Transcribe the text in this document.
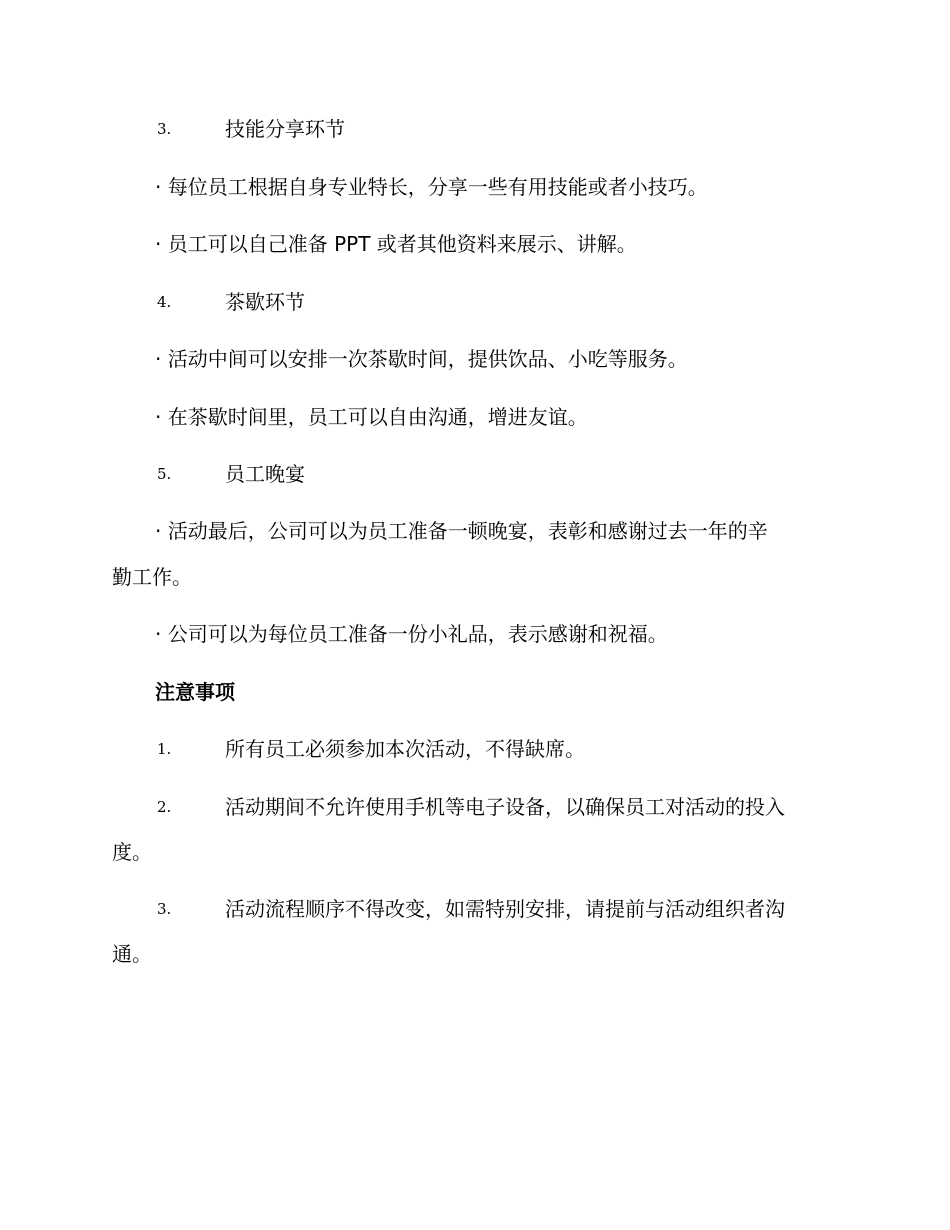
3.	技能分享环节
· 每位员工根据自身专业特长，分享一些有用技能或者小技巧。
· 员工可以自己准备 PPT 或者其他资料来展示、讲解。
4.	茶歇环节
· 活动中间可以安排一次茶歇时间，提供饮品、小吃等服务。
· 在茶歇时间里，员工可以自由沟通，增进友谊。
5.	员工晚宴
· 活动最后，公司可以为员工准备一顿晚宴，表彰和感谢过去一年的辛
勤工作。
· 公司可以为每位员工准备一份小礼品，表示感谢和祝福。
注意事项
1.	所有员工必须参加本次活动，不得缺席。
2.	活动期间不允许使用手机等电子设备，以确保员工对活动的投入
度。
3.	活动流程顺序不得改变，如需特别安排，请提前与活动组织者沟
通。
